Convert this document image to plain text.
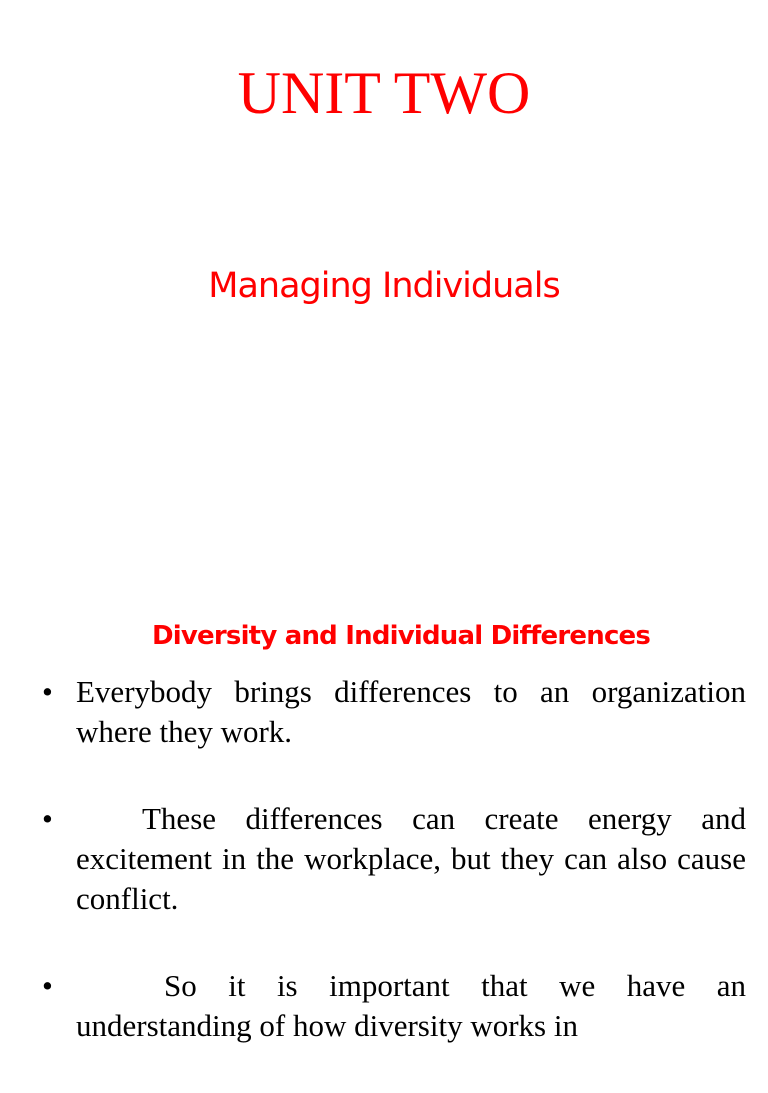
UNIT TWO
Managing Individuals
Diversity and Individual Differences
• Everybody brings differences to an organization where they work.
•	These differences can create energy and excitement in the workplace, but they can also cause conflict.
•	So it is important that we have an understanding of how diversity works in
